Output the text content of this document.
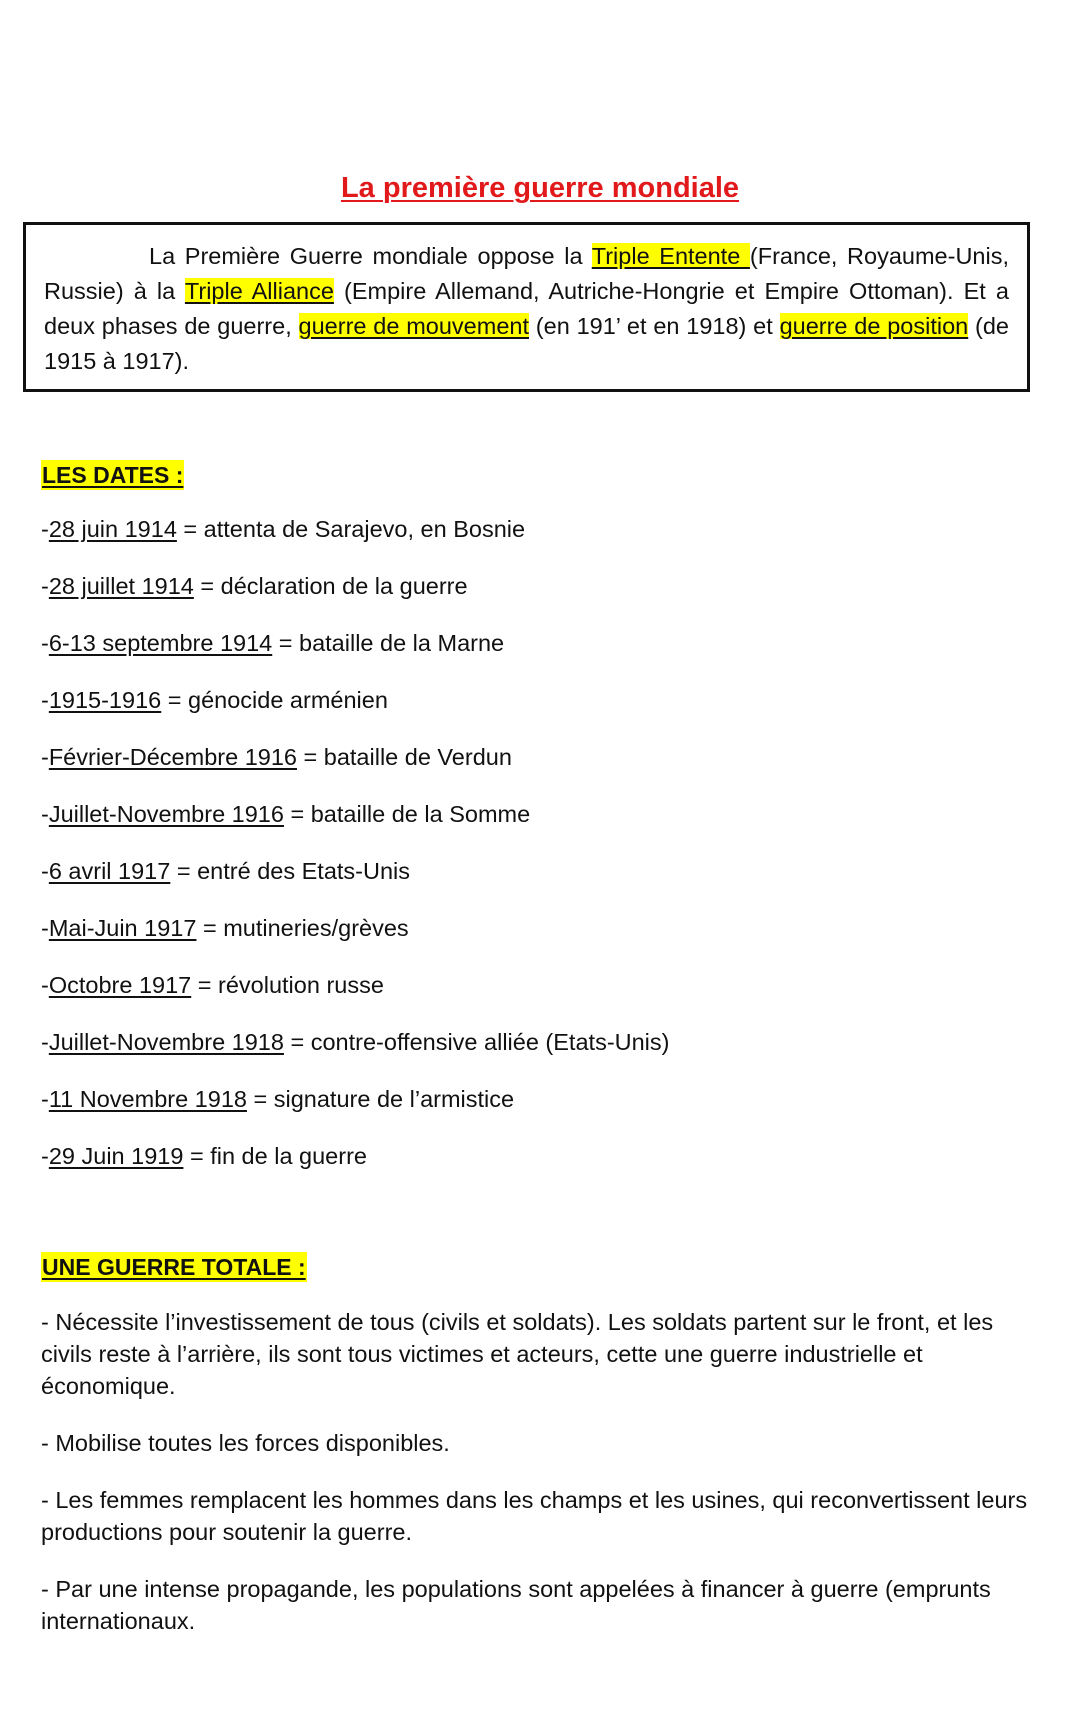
La première guerre mondiale

La Première Guerre mondiale oppose la Triple Entente (France, Royaume-Unis, Russie) à la Triple Alliance (Empire Allemand, Autriche-Hongrie et Empire Ottoman). Et a deux phases de guerre, guerre de mouvement (en 191’ et en 1918) et guerre de position (de 1915 à 1917).

LES DATES :
-28 juin 1914 = attenta de Sarajevo, en Bosnie
-28 juillet 1914 = déclaration de la guerre
-6-13 septembre 1914 = bataille de la Marne
-1915-1916 = génocide arménien
-Février-Décembre 1916 = bataille de Verdun
-Juillet-Novembre 1916 = bataille de la Somme
-6 avril 1917 = entré des Etats-Unis
-Mai-Juin 1917 = mutineries/grèves
-Octobre 1917 = révolution russe
-Juillet-Novembre 1918 = contre-offensive alliée (Etats-Unis)
-11 Novembre 1918 = signature de l’armistice
-29 Juin 1919 = fin de la guerre
UNE GUERRE TOTALE :
- Nécessite l’investissement de tous (civils et soldats). Les soldats partent sur le front, et les civils reste à l’arrière, ils sont tous victimes et acteurs, cette une guerre industrielle et économique.
- Mobilise toutes les forces disponibles.
- Les femmes remplacent les hommes dans les champs et les usines, qui reconvertissent leurs productions pour soutenir la guerre.
- Par une intense propagande, les populations sont appelées à financer à guerre (emprunts internationaux.
